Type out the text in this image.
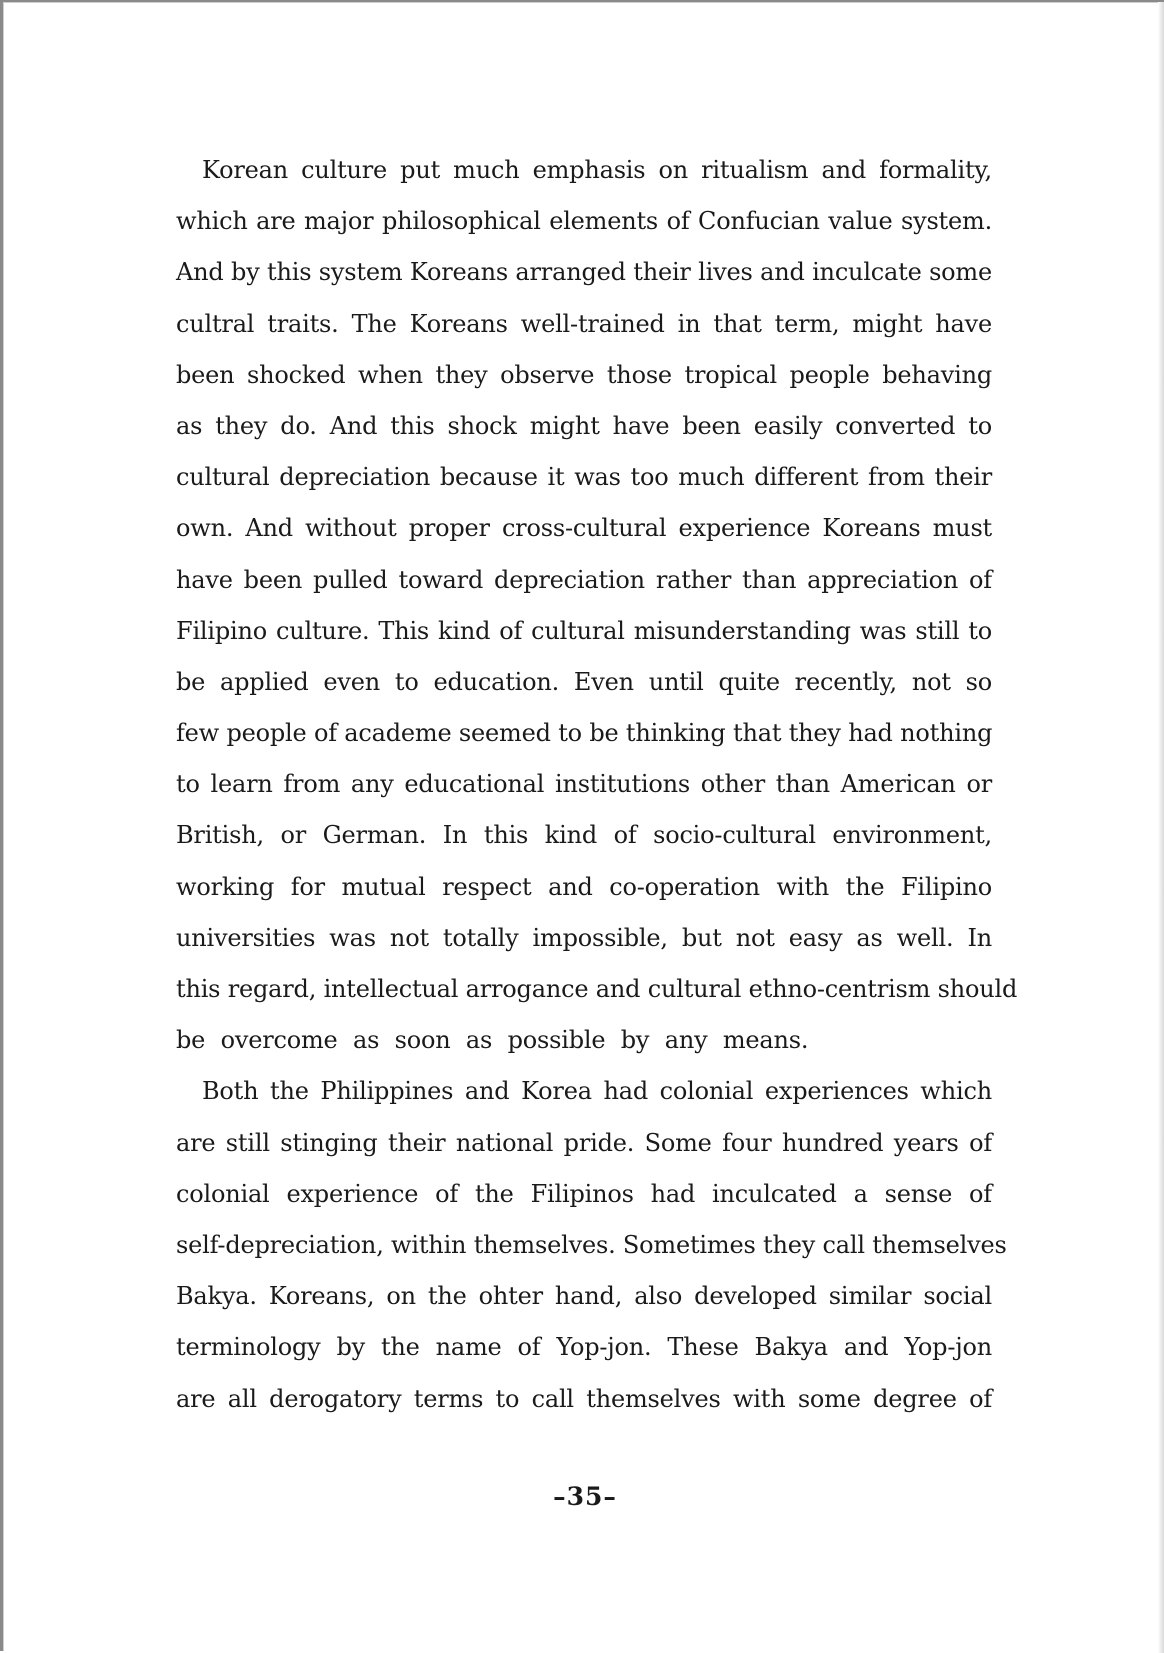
Korean culture put much emphasis on ritualism and formality,
which are major philosophical elements of Confucian value system.
And by this system Koreans arranged their lives and inculcate some
cultral traits. The Koreans well-trained in that term, might have
been shocked when they observe those tropical people behaving
as they do. And this shock might have been easily converted to
cultural depreciation because it was too much different from their
own. And without proper cross-cultural experience Koreans must
have been pulled toward depreciation rather than appreciation of
Filipino culture. This kind of cultural misunderstanding was still to
be applied even to education. Even until quite recently, not so
few people of academe seemed to be thinking that they had nothing
to learn from any educational institutions other than American or
British, or German. In this kind of socio-cultural environment,
working for mutual respect and co-operation with the Filipino
universities was not totally impossible, but not easy as well. In
this regard, intellectual arrogance and cultural ethno-centrism should
be overcome as soon as possible by any means.
Both the Philippines and Korea had colonial experiences which
are still stinging their national pride. Some four hundred years of
colonial experience of the Filipinos had inculcated a sense of
self-depreciation, within themselves. Sometimes they call themselves
Bakya. Koreans, on the ohter hand, also developed similar social
terminology by the name of Yop-jon. These Bakya and Yop-jon
are all derogatory terms to call themselves with some degree of
–35–
